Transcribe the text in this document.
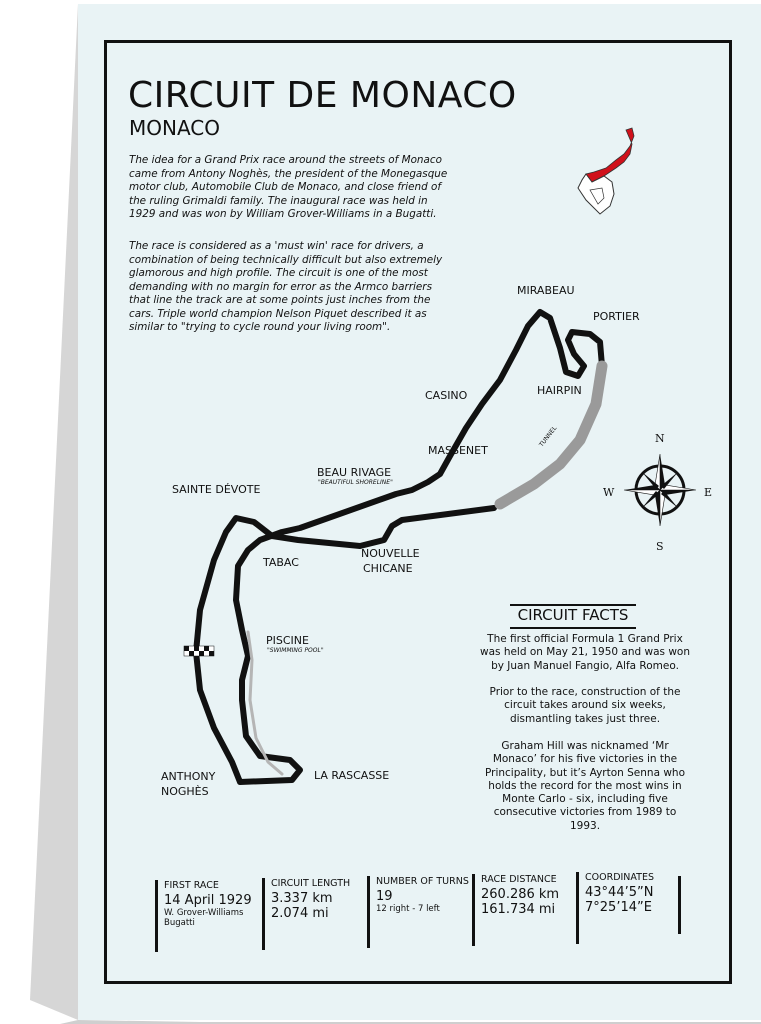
CIRCUIT DE MONACO
MONACO
The idea for a Grand Prix race around the streets of Monaco came from Antony Noghès, the president of the Monegasque motor club, Automobile Club de Monaco, and close friend of the ruling Grimaldi family. The inaugural race was held in 1929 and was won by William Grover-Williams in a Bugatti.
The race is considered as a 'must win' race for drivers, a combination of being technically difficult but also extremely glamorous and high profile. The circuit is one of the most demanding with no margin for error as the Armco barriers that line the track are at some points just inches from the cars. Triple world champion Nelson Piquet described it as similar to "trying to cycle round your living room".
MIRABEAU
PORTIER
HAIRPIN
CASINO
MASSENET
TUNNEL
BEAU RIVAGE
"BEAUTIFUL SHORELINE"
SAINTE DÉVOTE
TABAC
NOUVELLE
CHICANE
PISCINE
"SWIMMING POOL"
ANTHONY
NOGHÈS
LA RASCASSE
N
S
E
W
CIRCUIT FACTS
The first official Formula 1 Grand Prix was held on May 21, 1950 and was won by Juan Manuel Fangio, Alfa Romeo.
Prior to the race, construction of the circuit takes around six weeks, dismantling takes just three.
Graham Hill was nicknamed ‘Mr Monaco’ for his five victories in the Principality, but it’s Ayrton Senna who holds the record for the most wins in Monte Carlo - six, including five consecutive victories from 1989 to 1993.
FIRST RACE
14 April 1929
W. Grover-Williams
Bugatti
CIRCUIT LENGTH
3.337 km
2.074 mi
NUMBER OF TURNS
19
12 right - 7 left
RACE DISTANCE
260.286 km
161.734 mi
COORDINATES
43°44’5”N
7°25’14”E
